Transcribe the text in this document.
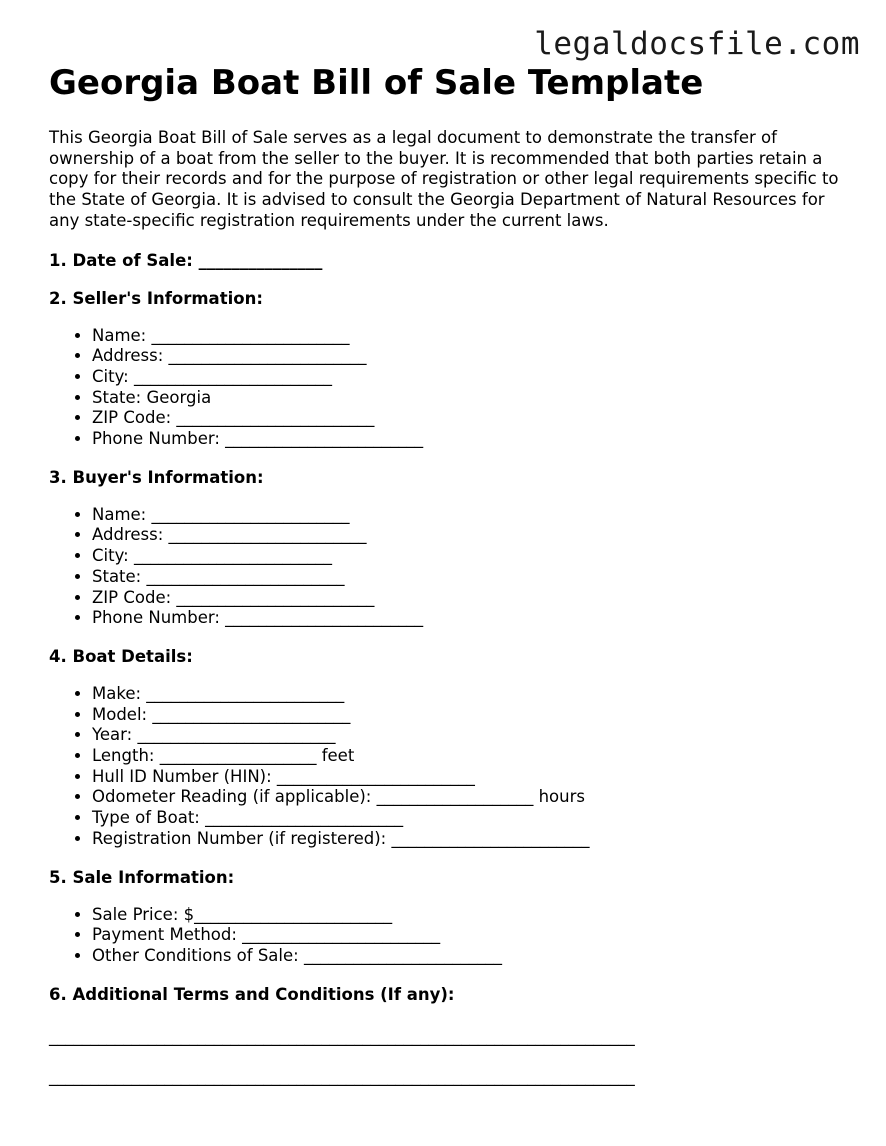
legaldocsfile.com
Georgia Boat Bill of Sale Template

This Georgia Boat Bill of Sale serves as a legal document to demonstrate the transfer of ownership of a boat from the seller to the buyer. It is recommended that both parties retain a copy for their records and for the purpose of registration or other legal requirements specific to the State of Georgia. It is advised to consult the Georgia Department of Natural Resources for any state-specific registration requirements under the current laws.

1. Date of Sale: _______________

2. Seller's Information:

• Name: ________________________
• Address: ________________________
• City: ________________________
• State: Georgia
• ZIP Code: ________________________
• Phone Number: ________________________

3. Buyer's Information:

• Name: ________________________
• Address: ________________________
• City: ________________________
• State: ________________________
• ZIP Code: ________________________
• Phone Number: ________________________

4. Boat Details:

• Make: ________________________
• Model: ________________________
• Year: ________________________
• Length: ___________________ feet
• Hull ID Number (HIN): ________________________
• Odometer Reading (if applicable): ___________________ hours
• Type of Boat: ________________________
• Registration Number (if registered): ________________________

5. Sale Information:

• Sale Price: $________________________
• Payment Method: ________________________
• Other Conditions of Sale: ________________________

6. Additional Terms and Conditions (If any):

_______________________________________________________________________
_______________________________________________________________________
